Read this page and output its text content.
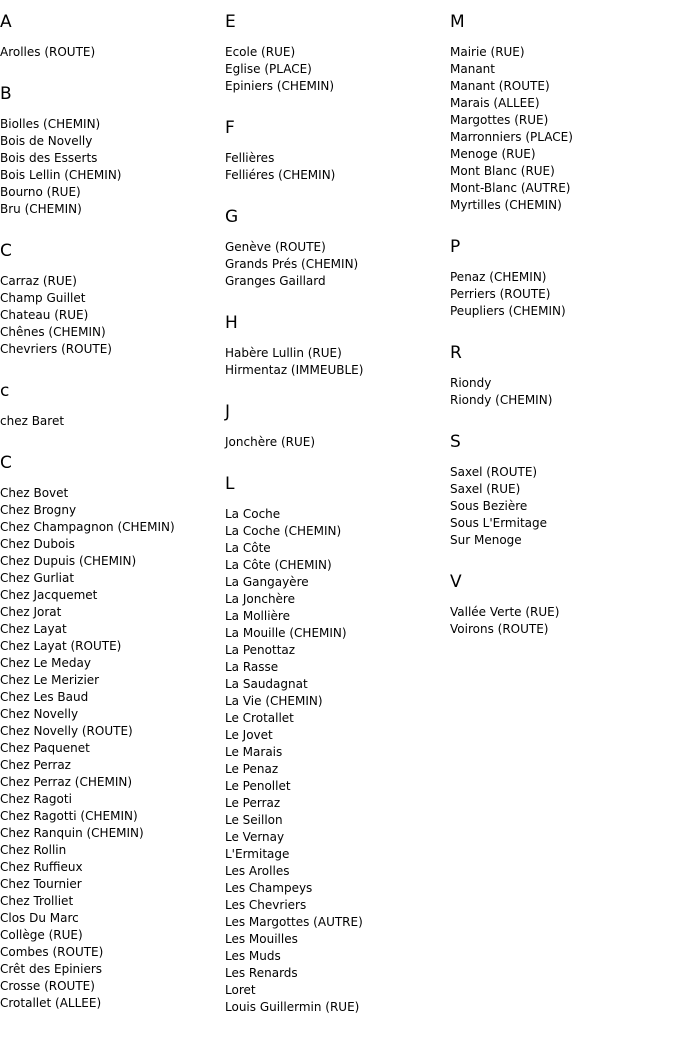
A
Arolles (ROUTE)
B
Biolles (CHEMIN)
Bois de Novelly
Bois des Esserts
Bois Lellin (CHEMIN)
Bourno (RUE)
Bru (CHEMIN)
C
Carraz (RUE)
Champ Guillet
Chateau (RUE)
Chênes (CHEMIN)
Chevriers (ROUTE)
c
chez Baret
C
Chez Bovet
Chez Brogny
Chez Champagnon (CHEMIN)
Chez Dubois
Chez Dupuis (CHEMIN)
Chez Gurliat
Chez Jacquemet
Chez Jorat
Chez Layat
Chez Layat (ROUTE)
Chez Le Meday
Chez Le Merizier
Chez Les Baud
Chez Novelly
Chez Novelly (ROUTE)
Chez Paquenet
Chez Perraz
Chez Perraz (CHEMIN)
Chez Ragoti
Chez Ragotti (CHEMIN)
Chez Ranquin (CHEMIN)
Chez Rollin
Chez Ruffieux
Chez Tournier
Chez Trolliet
Clos Du Marc
Collège (RUE)
Combes (ROUTE)
Crêt des Epiniers
Crosse (ROUTE)
Crotallet (ALLEE)
E
Ecole (RUE)
Eglise (PLACE)
Epiniers (CHEMIN)
F
Fellières
Felliéres (CHEMIN)
G
Genève (ROUTE)
Grands Prés (CHEMIN)
Granges Gaillard
H
Habère Lullin (RUE)
Hirmentaz (IMMEUBLE)
J
Jonchère (RUE)
L
La Coche
La Coche (CHEMIN)
La Côte
La Côte (CHEMIN)
La Gangayère
La Jonchère
La Mollière
La Mouille (CHEMIN)
La Penottaz
La Rasse
La Saudagnat
La Vie (CHEMIN)
Le Crotallet
Le Jovet
Le Marais
Le Penaz
Le Penollet
Le Perraz
Le Seillon
Le Vernay
L'Ermitage
Les Arolles
Les Champeys
Les Chevriers
Les Margottes (AUTRE)
Les Mouilles
Les Muds
Les Renards
Loret
Louis Guillermin (RUE)
M
Mairie (RUE)
Manant
Manant (ROUTE)
Marais (ALLEE)
Margottes (RUE)
Marronniers (PLACE)
Menoge (RUE)
Mont Blanc (RUE)
Mont-Blanc (AUTRE)
Myrtilles (CHEMIN)
P
Penaz (CHEMIN)
Perriers (ROUTE)
Peupliers (CHEMIN)
R
Riondy
Riondy (CHEMIN)
S
Saxel (ROUTE)
Saxel (RUE)
Sous Bezière
Sous L'Ermitage
Sur Menoge
V
Vallée Verte (RUE)
Voirons (ROUTE)
